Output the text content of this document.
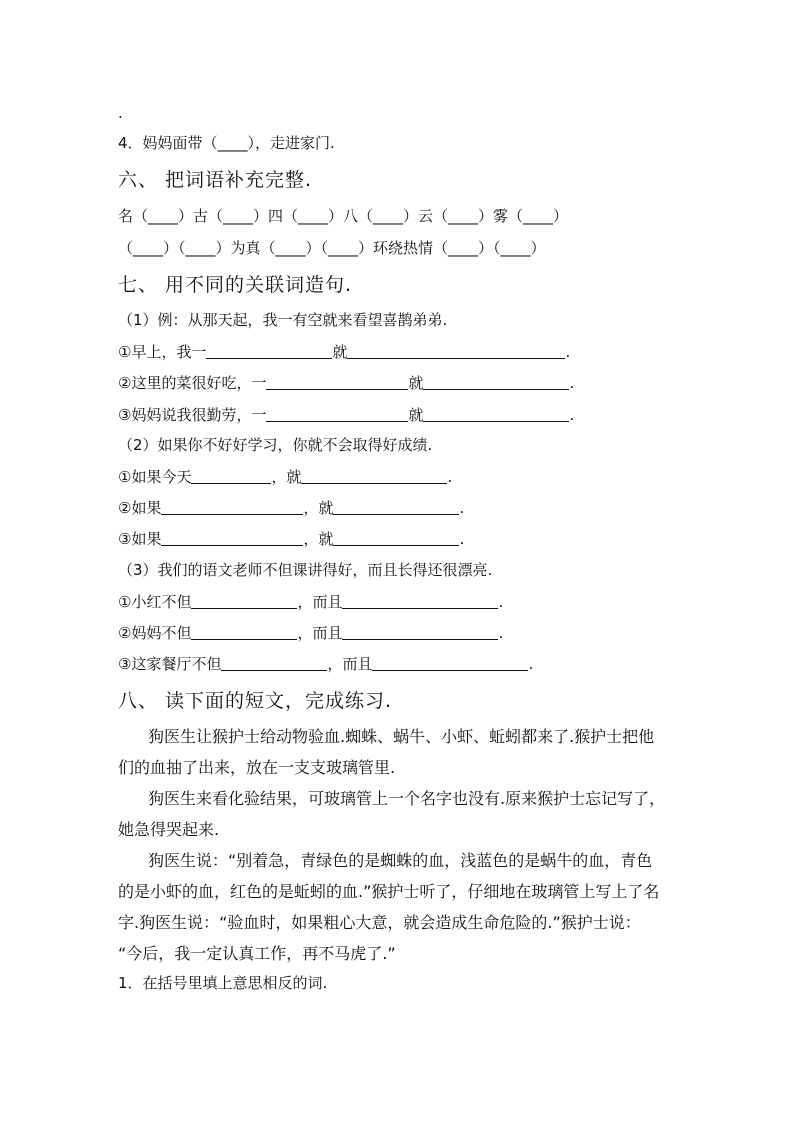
.
4．妈妈面带（____），走进家门.
六、 把词语补充完整.
名（____）古（____）四（____）八（____）云（____）雾（____）
（____）（____）为真（____）（____）环绕热情（____）（____）
七、 用不同的关联词造句.
（1）例：从那天起，我一有空就来看望喜鹊弟弟.
①早上，我一	就	.
②这里的菜很好吃，一	就	.
③妈妈说我很勤劳，一	就	.
（2）如果你不好好学习，你就不会取得好成绩.
①如果今天	，就	.
②如果	，就	.
③如果	，就	.
（3）我们的语文老师不但课讲得好，而且长得还很漂亮.
①小红不但	，而且	.
②妈妈不但	，而且	.
③这家餐厅不但	，而且	.
八、 读下面的短文，完成练习.
狗医生让猴护士给动物验血.蜘蛛、蜗牛、小虾、蚯蚓都来了.猴护士把他
们的血抽了出来，放在一支支玻璃管里.
狗医生来看化验结果，可玻璃管上一个名字也没有.原来猴护士忘记写了，
她急得哭起来.
狗医生说：“别着急，青绿色的是蜘蛛的血，浅蓝色的是蜗牛的血，青色
的是小虾的血，红色的是蚯蚓的血.”猴护士听了，仔细地在玻璃管上写上了名
字.狗医生说：“验血时，如果粗心大意，就会造成生命危险的.”猴护士说：
“今后，我一定认真工作，再不马虎了.”
1．在括号里填上意思相反的词.
